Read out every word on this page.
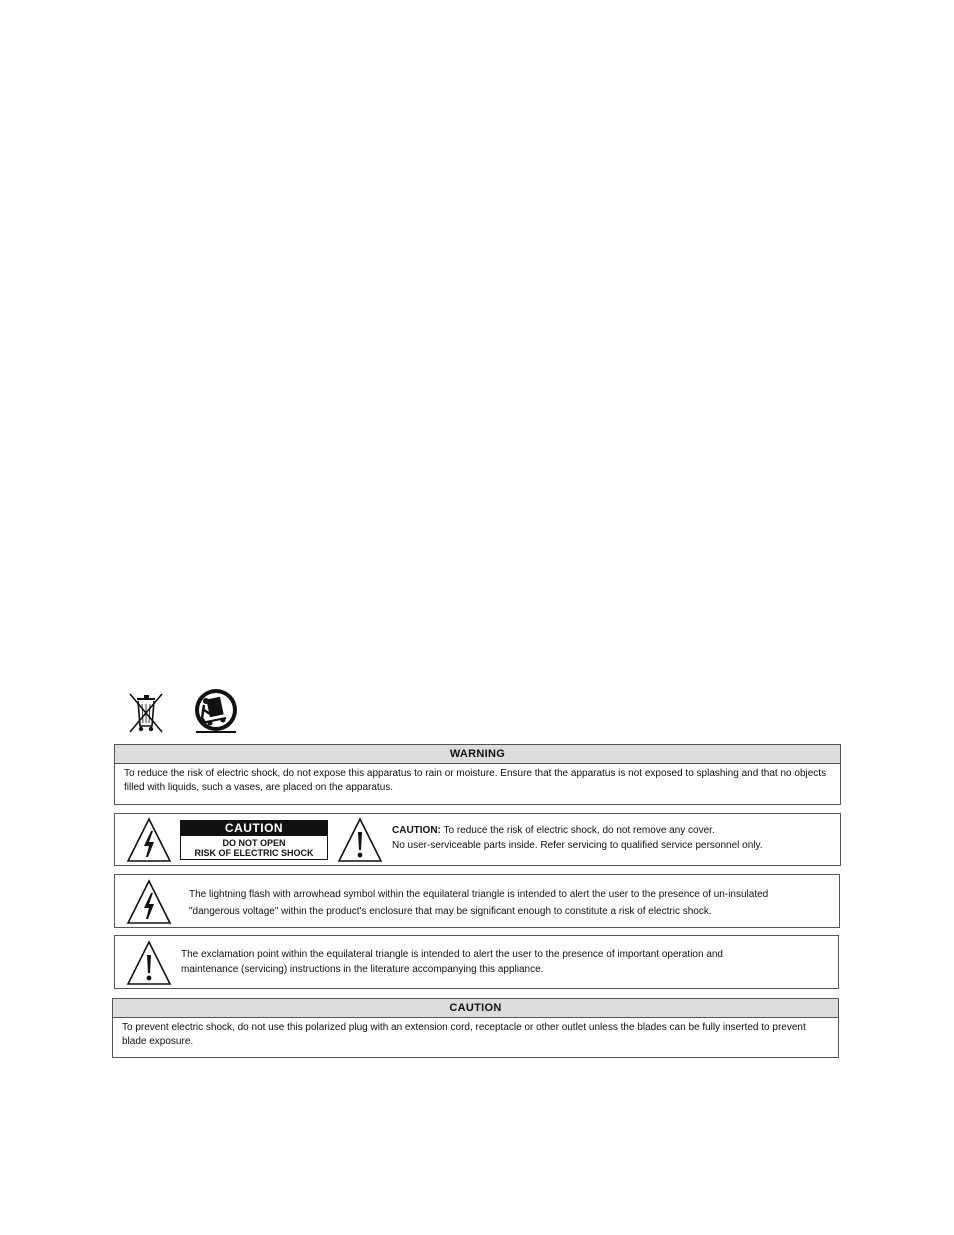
WARNING
To reduce the risk of electric shock, do not expose this apparatus to rain or moisture. Ensure that the apparatus is not exposed to splashing and that no objects filled with liquids, such a vases, are placed on the apparatus.
CAUTION
DO NOT OPEN
RISK OF ELECTRIC SHOCK
CAUTION: To reduce the risk of electric shock, do not remove any cover.
No user-serviceable parts inside. Refer servicing to qualified service personnel only.
The lightning flash with arrowhead symbol within the equilateral triangle is intended to alert the user to the presence of un-insulated
"dangerous voltage" within the product's enclosure that may be significant enough to constitute a risk of electric shock.
The exclamation point within the equilateral triangle is intended to alert the user to the presence of important operation and
maintenance (servicing) instructions in the literature accompanying this appliance.
CAUTION
To prevent electric shock, do not use this polarized plug with an extension cord, receptacle or other outlet unless the blades can be fully inserted to prevent blade exposure.
